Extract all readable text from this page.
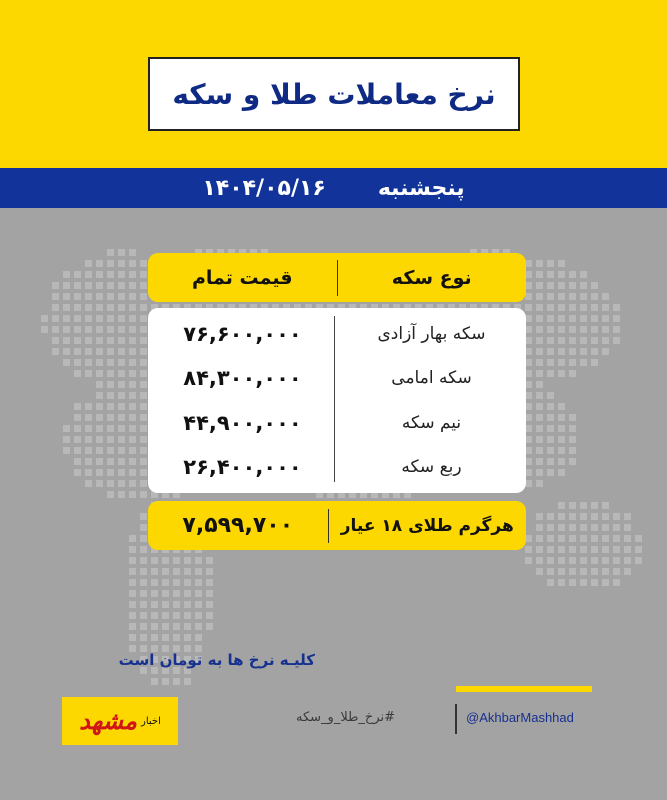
نرخ معاملات طلا و سکه
۱۴۰۴/۰۵/۱۶ پنجشنبه
نوع سکه
قیمت تمام
سکه بهار آزادی
۷۶,۶۰۰,۰۰۰
سکه امامی
۸۴,۳۰۰,۰۰۰
نیم سکه
۴۴,۹۰۰,۰۰۰
ربع سکه
۲۶,۴۰۰,۰۰۰
هرگرم طلای ۱۸ عیار
۷,۵۹۹,۷۰۰
کلیـه نرخ ها به تومان است
مشهد اخبار	#نرخ_طلا_و_سکه	@AkhbarMashhad
